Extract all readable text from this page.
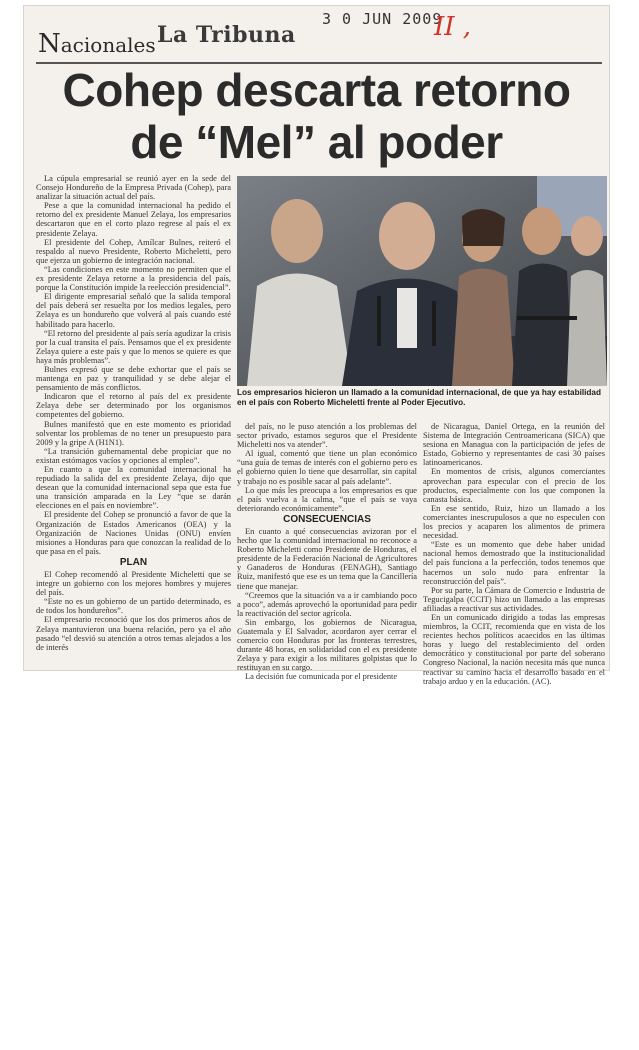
Nacionales La Tribuna
3 0 JUN 2009
II ,
Cohep descarta retorno
de “Mel” al poder

La cúpula empresarial se reunió ayer en la sede del Consejo Hondureño de la Empresa Privada (Cohep), para analizar la situación actual del país.

Pese a que la comunidad internacional ha pedido el retorno del ex presidente Manuel Zelaya, los empresarios descartaron que en el corto plazo regrese al país el ex presidente Zelaya.

El presidente del Cohep, Amílcar Bulnes, reiteró el respaldo al nuevo Presidente, Roberto Micheletti, pero que ejerza un gobierno de integración nacional.

“Las condiciones en este momento no permiten que el ex presidente Zelaya retorne a la presidencia del país, porque la Constitución impide la reelección presidencial”.

El dirigente empresarial señaló que la salida temporal del país deberá ser resuelta por los medios legales, pero Zelaya es un hondureño que volverá al país cuando esté habilitado para hacerlo.

“El retorno del presidente al país sería agudizar la crisis por la cual transita el país. Pensamos que el ex presidente Zelaya quiere a este país y que lo menos se quiere es que haya más problemas”.

Bulnes expresó que se debe exhortar que el país se mantenga en paz y tranquilidad y se debe alejar el pensamiento de más conflictos.

Indicaron que el retorno al país del ex presidente Zelaya debe ser determinado por los organismos competentes del gobierno.

Bulnes manifestó que en este momento es prioridad solventar los problemas de no tener un presupuesto para 2009 y la gripe A (H1N1).

“La transición gubernamental debe propiciar que no existan estómagos vacíos y opciones al empleo”.

En cuanto a que la comunidad internacional ha repudiado la salida del ex presidente Zelaya, dijo que desean que la comunidad internacional sepa que esta fue una transición amparada en la Ley “que se darán elecciones en el país en noviembre”.

El presidente del Cohep se pronunció a favor de que la Organización de Estados Americanos (OEA) y la Organización de Naciones Unidas (ONU) envíen misiones a Honduras para que conozcan la realidad de lo que pasa en el país.

PLAN

El Cohep recomendó al Presidente Micheletti que se integre un gobierno con los mejores hombres y mujeres del país.

“Este no es un gobierno de un partido determinado, es de todos los hondureños”.

El empresario reconoció que los dos primeros años de Zelaya mantuvieron una buena relación, pero ya el año pasado “el desvió su atención a otros temas alejados a los de interés

Los empresarios hicieron un llamado a la comunidad internacional, de que ya hay estabilidad en el país con Roberto Micheletti frente al Poder Ejecutivo.

del país, no le puso atención a los problemas del sector privado, estamos seguros que el Presidente Micheletti nos va atender”.

Al igual, comentó que tiene un plan económico “una guía de temas de interés con el gobierno pero es el gobierno quien lo tiene que desarrollar, sin capital y trabajo no es posible sacar al país adelante”.

Lo que más les preocupa a los empresarios es que el país vuelva a la calma, “que el país se vaya deteriorando económicamente”.

CONSECUENCIAS

En cuanto a qué consecuencias avizoran por el hecho que la comunidad internacional no reconoce a Roberto Micheletti como Presidente de Honduras, el presidente de la Federación Nacional de Agricultores y Ganaderos de Honduras (FENAGH), Santiago Ruiz, manifestó que ese es un tema que la Cancillería tiene que manejar.

“Creemos que la situación va a ir cambiando poco a poco”, además aprovechó la oportunidad para pedir la reactivación del sector agrícola.

Sin embargo, los gobiernos de Nicaragua, Guatemala y El Salvador, acordaron ayer cerrar el comercio con Honduras por las fronteras terrestres, durante 48 horas, en solidaridad con el ex presidente Zelaya y para exigir a los militares golpistas que lo restituyan en su cargo.

La decisión fue comunicada por el presidente

de Nicaragua, Daniel Ortega, en la reunión del Sistema de Integración Centroamericana (SICA) que sesiona en Managua con la participación de jefes de Estado, Gobierno y representantes de casi 30 países latinoamericanos.

En momentos de crisis, algunos comerciantes aprovechan para especular con el precio de los productos, especialmente con los que componen la canasta básica.

En ese sentido, Ruiz, hizo un llamado a los comerciantes inescrupulosos a que no especulen con los precios y acaparen los alimentos de primera necesidad.

“Este es un momento que debe haber unidad nacional hemos demostrado que la institucionalidad del país funciona a la perfección, todos tenemos que hacernos un solo nudo para enfrentar la reconstrucción del país”.

Por su parte, la Cámara de Comercio e Industria de Tegucigalpa (CCIT) hizo un llamado a las empresas afiliadas a reactivar sus actividades.

En un comunicado dirigido a todas las empresas miembros, la CCIT, recomienda que en vista de los recientes hechos políticos acaecidos en las últimas horas y luego del restablecimiento del orden democrático y constitucional por parte del soberano Congreso Nacional, la nación necesita más que nunca reactivar su camino hacia el desarrollo basado en el trabajo arduo y en la educación. (AC).
